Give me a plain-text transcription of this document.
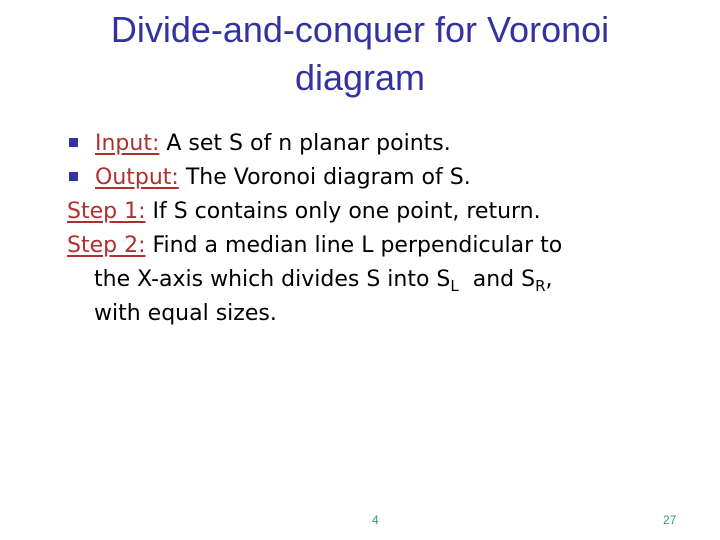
Divide-and-conquer for Voronoi
diagram
Input: A set S of n planar points.
Output: The Voronoi diagram of S.
Step 1: If S contains only one point, return.
Step 2: Find a median line L perpendicular to
the X-axis which divides S into $S_L$  and $S_R$,
with equal sizes.
4	27
